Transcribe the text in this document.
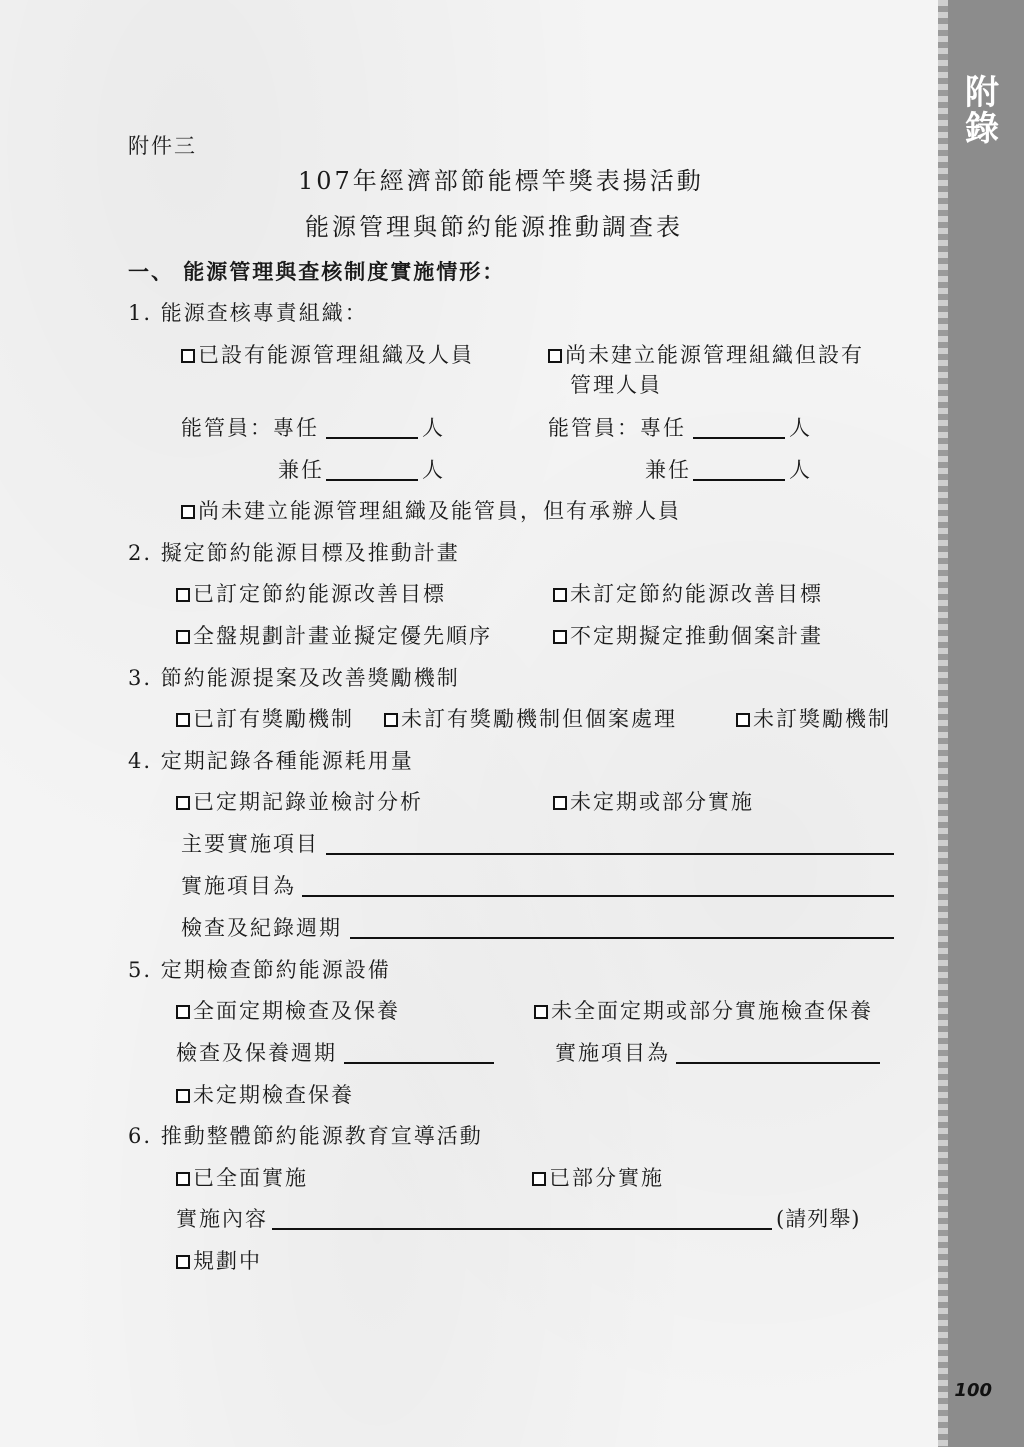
附錄
100
附件三
107年經濟部節能標竿獎表揚活動
能源管理與節約能源推動調查表
一、 能源管理與查核制度實施情形：
1. 能源查核專責組織：
已設有能源管理組織及人員	尚未建立能源管理組織但設有
管理人員
能管員：專任	人	能管員：專任	人
兼任	人	兼任	人
尚未建立能源管理組織及能管員，但有承辦人員
2. 擬定節約能源目標及推動計畫
已訂定節約能源改善目標	未訂定節約能源改善目標
全盤規劃計畫並擬定優先順序	不定期擬定推動個案計畫
3. 節約能源提案及改善獎勵機制
已訂有獎勵機制	未訂有獎勵機制但個案處理	未訂獎勵機制
4. 定期記錄各種能源耗用量
已定期記錄並檢討分析	未定期或部分實施
主要實施項目
實施項目為
檢查及紀錄週期
5. 定期檢查節約能源設備
全面定期檢查及保養	未全面定期或部分實施檢查保養
檢查及保養週期	實施項目為
未定期檢查保養
6. 推動整體節約能源教育宣導活動
已全面實施	已部分實施
實施內容	(請列舉)
規劃中
